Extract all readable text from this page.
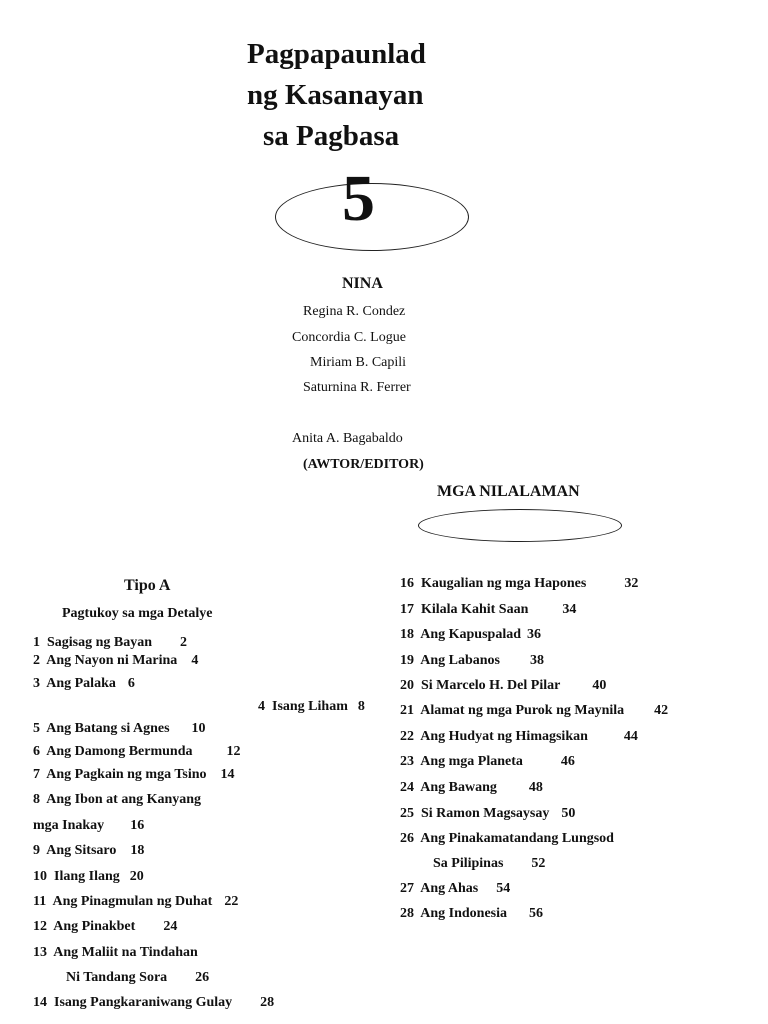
Pagpapaunlad
ng Kasanayan
sa Pagbasa
5
NINA
Regina R. Condez
Concordia C. Logue
Miriam B. Capili
Saturnina R. Ferrer
Anita A. Bagabaldo
(AWTOR/EDITOR)
MGA NILALAMAN
Tipo A
Pagtukoy sa mga Detalye
1 Sagisag ng Bayan 2
2 Ang Nayon ni Marina 4
3 Ang Palaka 6
4 Isang Liham 8
5 Ang Batang si Agnes 10
6 Ang Damong Bermunda 12
7 Ang Pagkain ng mga Tsino 14
8 Ang Ibon at ang Kanyang
mga Inakay 16
9 Ang Sitsaro 18
10 Ilang Ilang 20
11 Ang Pinagmulan ng Duhat 22
12 Ang Pinakbet 24
13 Ang Maliit na Tindahan
Ni Tandang Sora 26
14 Isang Pangkaraniwang Gulay 28
16 Kaugalian ng mga Hapones	32
17 Kilala Kahit Saan 34
18 Ang Kapuspalad 36
19 Ang Labanos 38
20 Si Marcelo H. Del Pilar 40
21 Alamat ng mga Purok ng Maynila 42
22 Ang Hudyat ng Himagsikan	44
23 Ang mga Planeta	46
24 Ang Bawang 48
25 Si Ramon Magsaysay 50
26 Ang Pinakamatandang Lungsod
Sa Pilipinas 52
27 Ang Ahas 54
28 Ang Indonesia 56
